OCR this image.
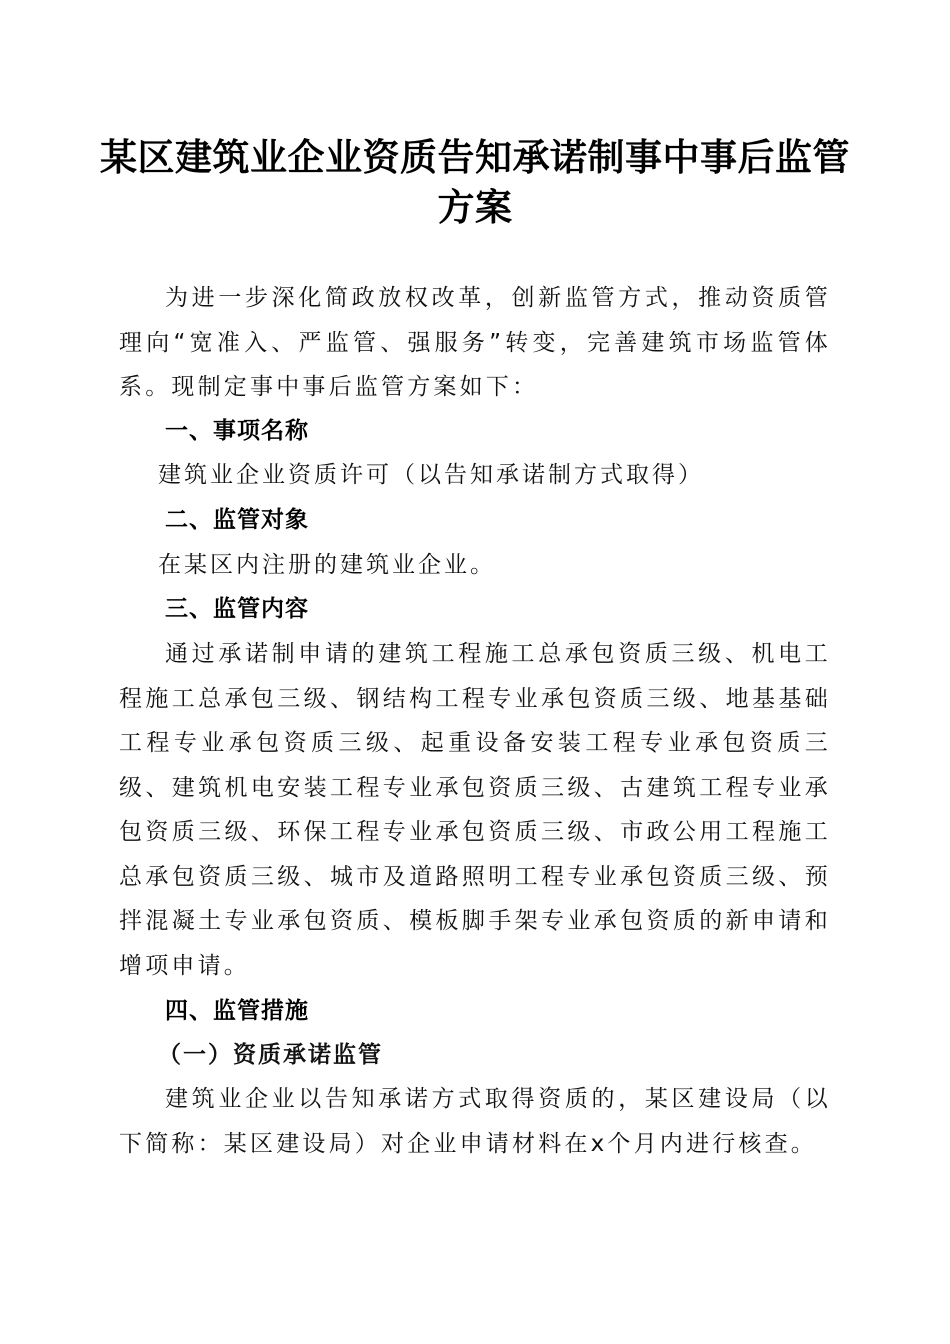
某区建筑业企业资质告知承诺制事中事后监管
方案

为进一步深化简政放权改革，创新监管方式，推动资质管理向“宽准入、严监管、强服务”转变，完善建筑市场监管体系。现制定事中事后监管方案如下：

一、事项名称

建筑业企业资质许可（以告知承诺制方式取得）

二、监管对象

在某区内注册的建筑业企业。

三、监管内容

通过承诺制申请的建筑工程施工总承包资质三级、机电工程施工总承包三级、钢结构工程专业承包资质三级、地基基础工程专业承包资质三级、起重设备安装工程专业承包资质三级、建筑机电安装工程专业承包资质三级、古建筑工程专业承包资质三级、环保工程专业承包资质三级、市政公用工程施工总承包资质三级、城市及道路照明工程专业承包资质三级、预拌混凝土专业承包资质、模板脚手架专业承包资质的新申请和增项申请。

四、监管措施
（一）资质承诺监管

建筑业企业以告知承诺方式取得资质的，某区建设局（以下简称：某区建设局）对企业申请材料在x个月内进行核查。
